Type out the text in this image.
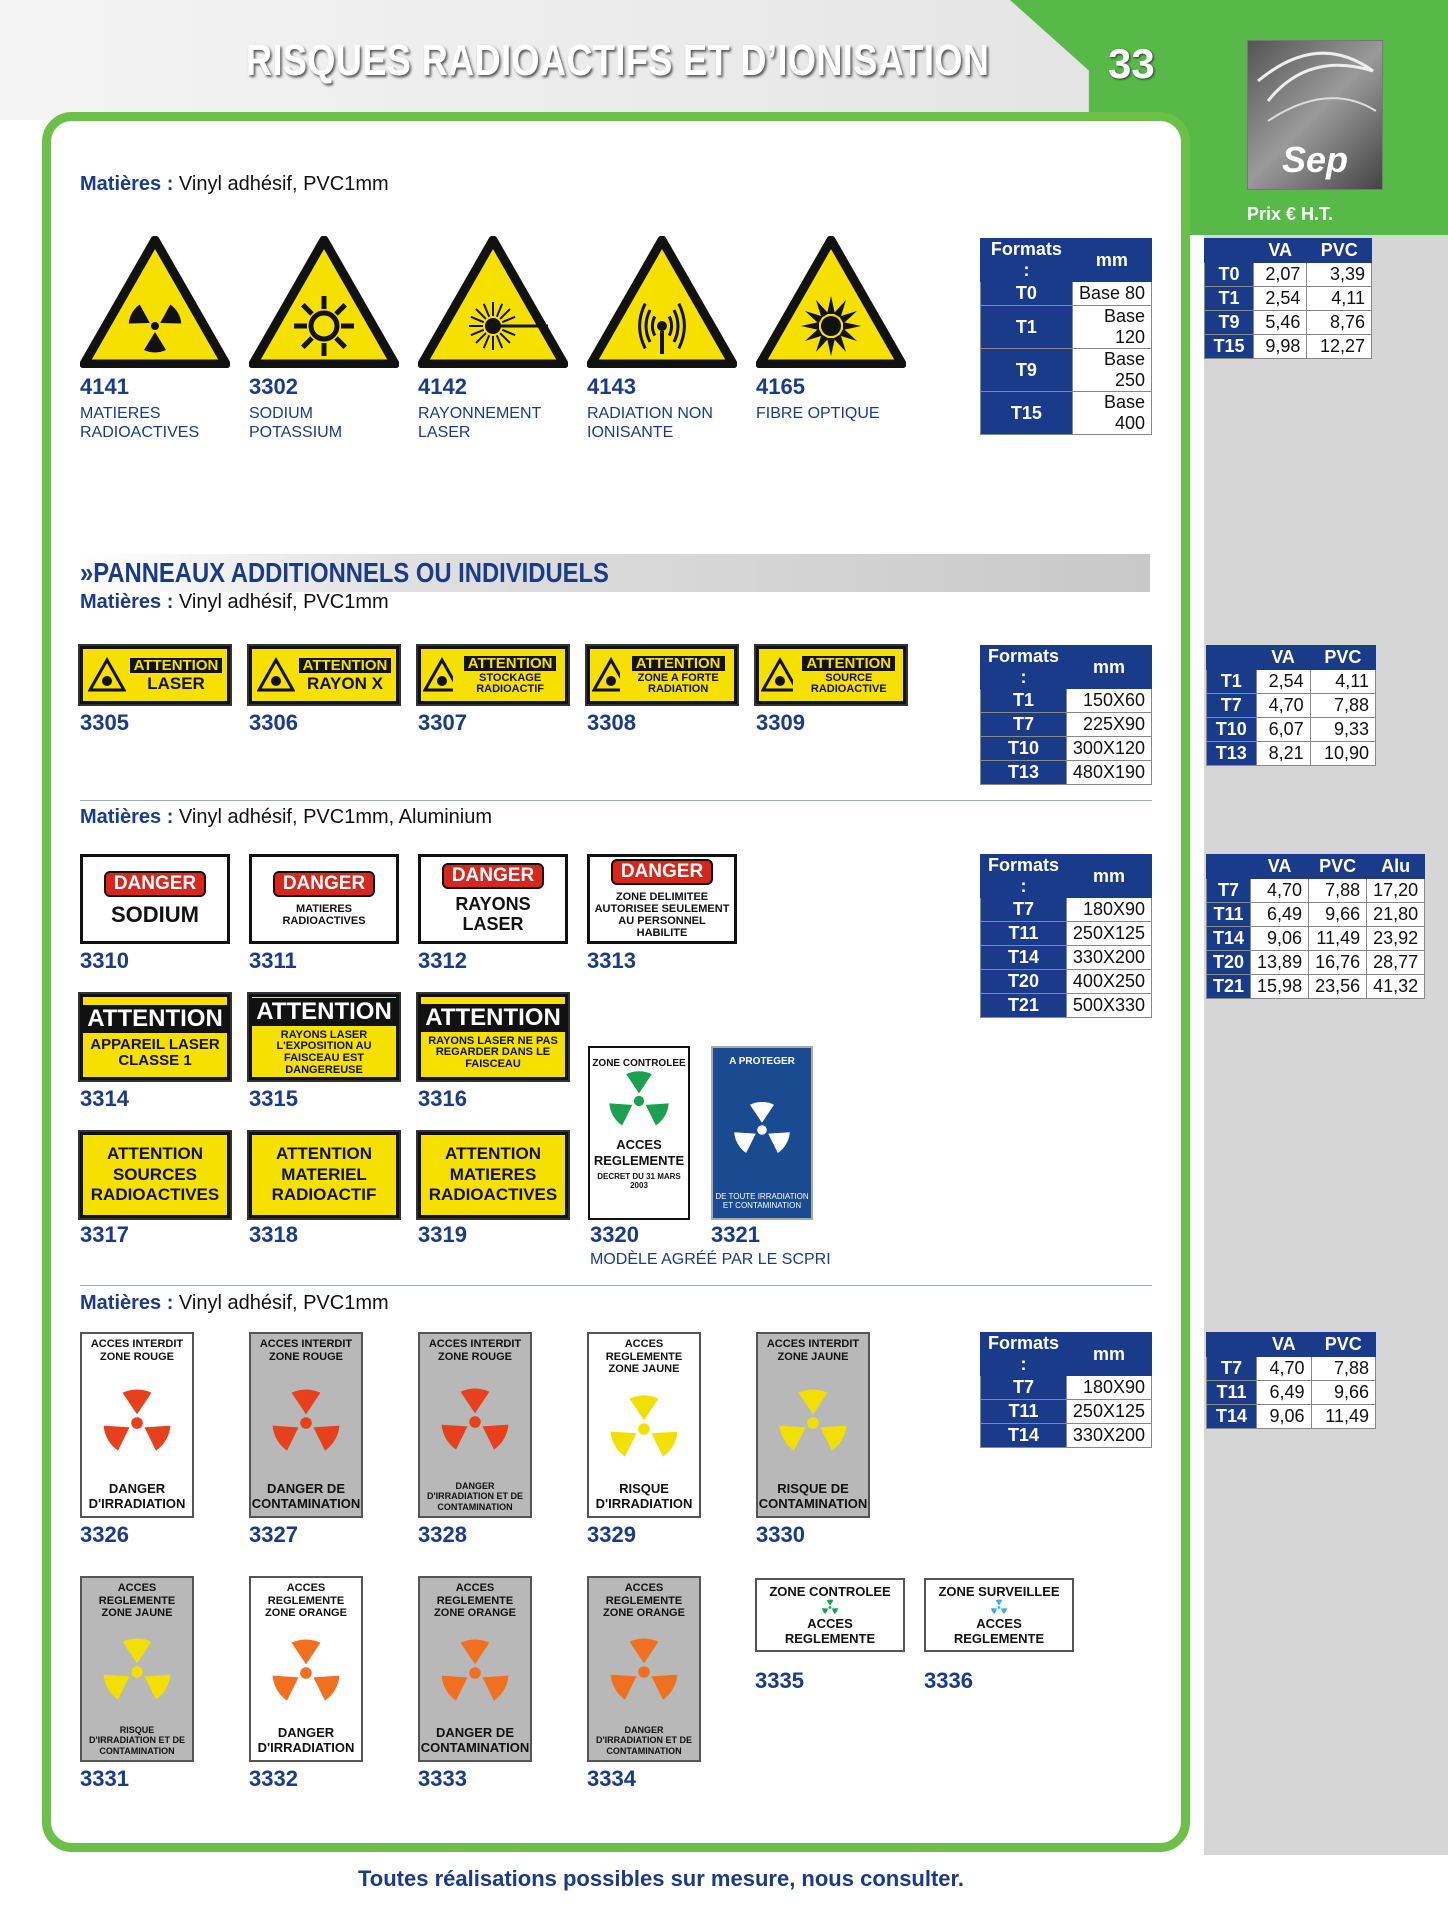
RISQUES RADIOACTIFS ET D’IONISATION	33
Sep
Prix € H.T.
Matières : Vinyl adhésif, PVC1mm
Formats :	mm
T0	Base 80
T1	Base 120
T9	Base 250
T15	Base 400
	VA	PVC
T0	2,07	3,39
T1	2,54	4,11
T9	5,46	8,76
T15	9,98	12,27
»PANNEAUX ADDITIONNELS OU INDIVIDUELS
Matières : Vinyl adhésif, PVC1mm
Formats :	mm
T1	150X60
T7	225X90
T10	300X120
T13	480X190
	VA	PVC
T1	2,54	4,11
T7	4,70	7,88
T10	6,07	9,33
T13	8,21	10,90
Matières : Vinyl adhésif, PVC1mm, Aluminium
Formats :	mm
T7	180X90
T11	250X125
T14	330X200
T20	400X250
T21	500X330
	VA	PVC	Alu
T7	4,70	7,88	17,20
T11	6,49	9,66	21,80
T14	9,06	11,49	23,92
T20	13,89	16,76	28,77
T21	15,98	23,56	41,32
Matières : Vinyl adhésif, PVC1mm
Formats :	mm
T7	180X90
T11	250X125
T14	330X200
	VA	PVC
T7	4,70	7,88
T11	6,49	9,66
T14	9,06	11,49
Toutes réalisations possibles sur mesure, nous consulter.
4141
MATIERES RADIOACTIVES
3302
SODIUM POTASSIUM
4142
RAYONNEMENT LASER
4143
RADIATION NON IONISANTE
4165
FIBRE OPTIQUE
ATTENTION
LASER
3305
ATTENTION
RAYON X
3306
ATTENTION
STOCKAGE RADIOACTIF
3307
ATTENTION
ZONE A FORTE RADIATION
3308
ATTENTION
SOURCE RADIOACTIVE
3309
DANGER
SODIUM
3310
DANGER
MATIERES RADIOACTIVES
3311
DANGER
RAYONS LASER
3312
DANGER
ZONE DELIMITEE AUTORISEE SEULEMENT AU PERSONNEL HABILITE
3313
ATTENTION
APPAREIL LASER CLASSE 1
3314
ATTENTION
RAYONS LASER L'EXPOSITION AU FAISCEAU EST DANGEREUSE
3315
ATTENTION
RAYONS LASER NE PAS REGARDER DANS LE FAISCEAU
3316
ATTENTION SOURCES RADIOACTIVES
3317
ATTENTION MATERIEL RADIOACTIF
3318
ATTENTION MATIERES RADIOACTIVES
3319
ZONE CONTROLEE
ACCES REGLEMENTE
DECRET DU 31 MARS 2003
3320
A PROTEGER
DE TOUTE IRRADIATION ET CONTAMINATION
3321
MODÈLE AGRÉÉ PAR LE SCPRI
ACCES INTERDIT ZONE ROUGE
DANGER D'IRRADIATION
3326
ACCES INTERDIT ZONE ROUGE
DANGER DE CONTAMINATION
3327
ACCES INTERDIT ZONE ROUGE
DANGER D'IRRADIATION ET DE CONTAMINATION
3328
ACCES REGLEMENTE ZONE JAUNE
RISQUE D'IRRADIATION
3329
ACCES INTERDIT ZONE JAUNE
RISQUE DE CONTAMINATION
3330
ACCES REGLEMENTE ZONE JAUNE
RISQUE D'IRRADIATION ET DE CONTAMINATION
3331
ACCES REGLEMENTE ZONE ORANGE
DANGER D'IRRADIATION
3332
ACCES REGLEMENTE ZONE ORANGE
DANGER DE CONTAMINATION
3333
ACCES REGLEMENTE ZONE ORANGE
DANGER D'IRRADIATION ET DE CONTAMINATION
3334
ZONE CONTROLEE
ACCES REGLEMENTE
3335
ZONE SURVEILLEE
ACCES REGLEMENTE
3336
